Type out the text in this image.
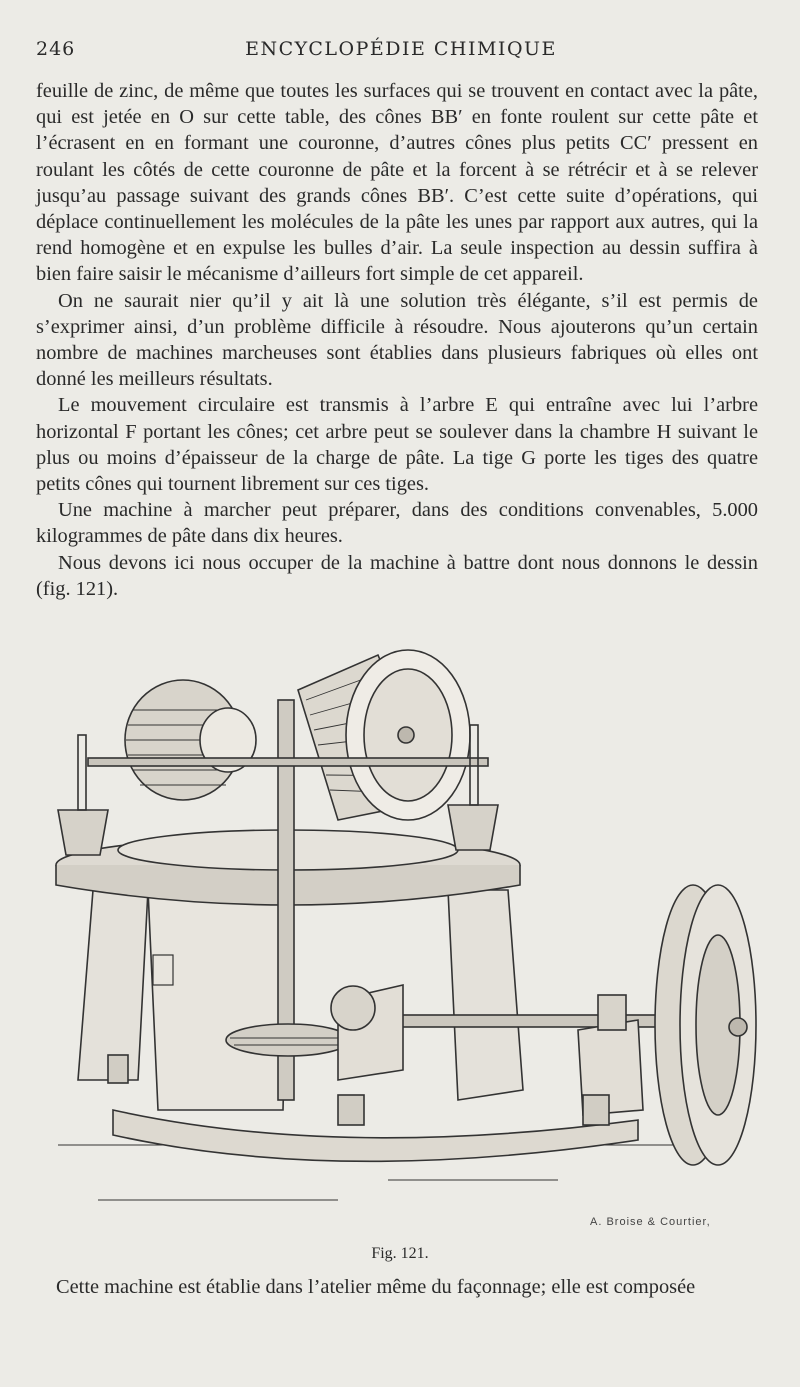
246	ENCYCLOPÉDIE CHIMIQUE

feuille de zinc, de même que toutes les surfaces qui se trouvent en contact avec la pâte, qui est jetée en O sur cette table, des cônes BB′ en fonte roulent sur cette pâte et l’écrasent en en formant une couronne, d’autres cônes plus petits CC′ pressent en roulant les côtés de cette couronne de pâte et la forcent à se rétrécir et à se relever jusqu’au passage suivant des grands cônes BB′. C’est cette suite d’opérations, qui déplace continuellement les molécules de la pâte les unes par rapport aux autres, qui la rend homogène et en expulse les bulles d’air. La seule inspection au dessin suffira à bien faire saisir le mécanisme d’ailleurs fort simple de cet appareil.

On ne saurait nier qu’il y ait là une solution très élégante, s’il est permis de s’exprimer ainsi, d’un problème difficile à résoudre. Nous ajouterons qu’un certain nombre de machines marcheuses sont établies dans plusieurs fabriques où elles ont donné les meilleurs résultats.

Le mouvement circulaire est transmis à l’arbre E qui entraîne avec lui l’arbre horizontal F portant les cônes; cet arbre peut se soulever dans la chambre H suivant le plus ou moins d’épaisseur de la charge de pâte. La tige G porte les tiges des quatre petits cônes qui tournent librement sur ces tiges.

Une machine à marcher peut préparer, dans des conditions convenables, 5.000 kilogrammes de pâte dans dix heures.

Nous devons ici nous occuper de la machine à battre dont nous donnons le dessin (fig. 121).

A. Broise & Courtier,
Fig. 121.
Cette machine est établie dans l’atelier même du façonnage; elle est composée
